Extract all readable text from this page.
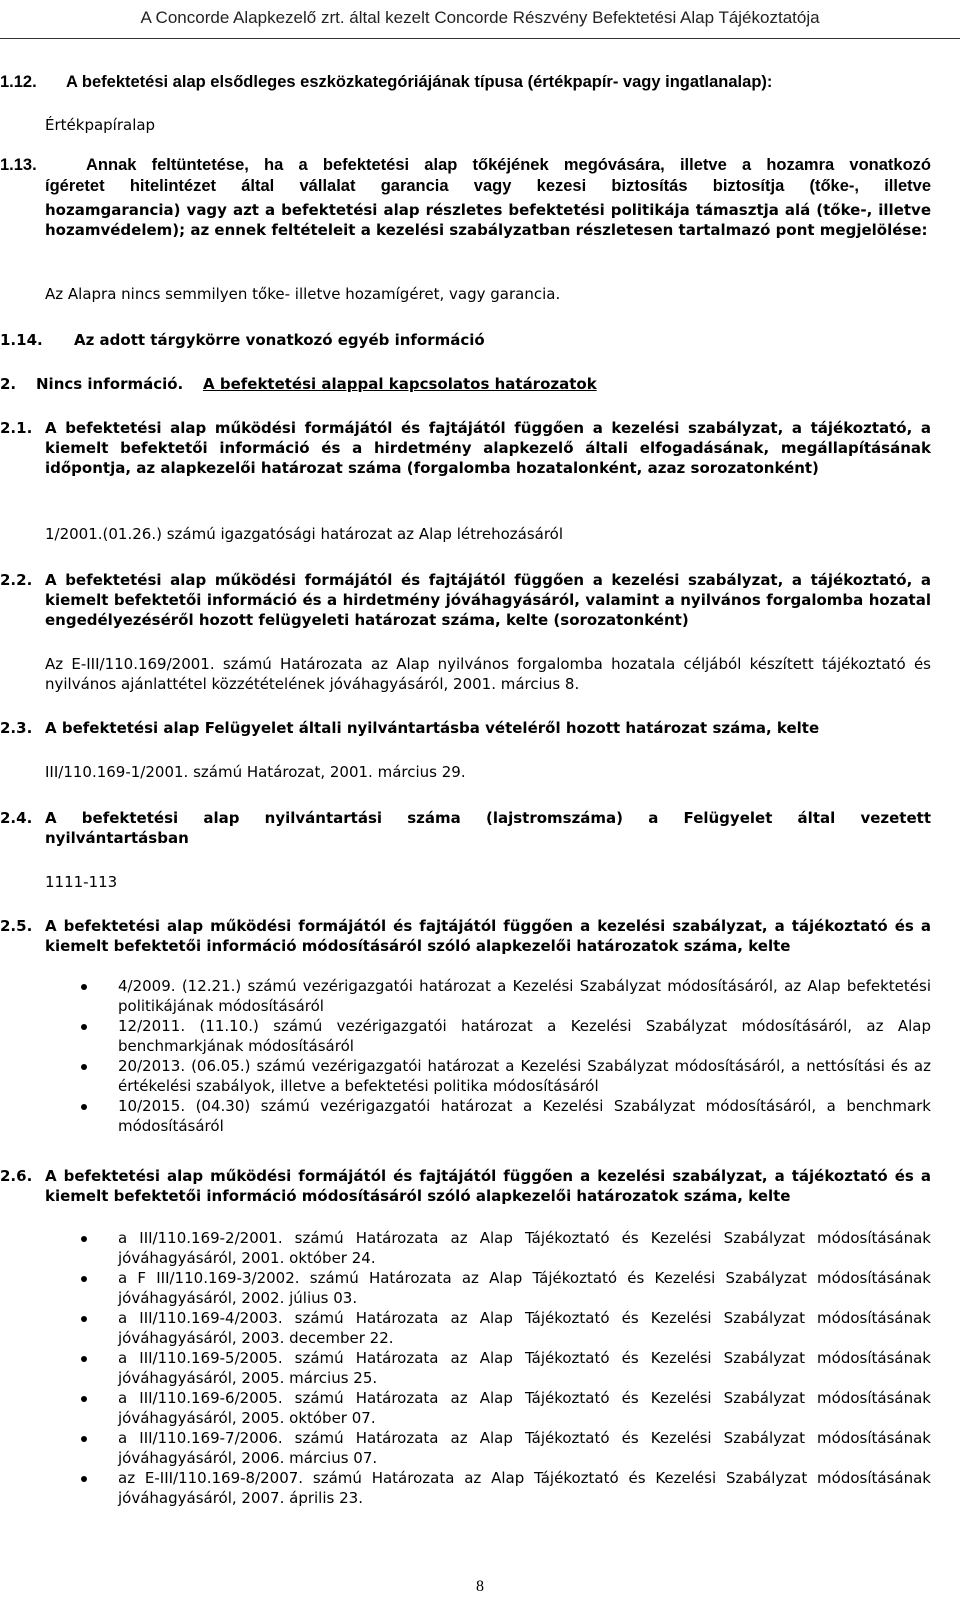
A Concorde Alapkezelő zrt. által kezelt Concorde Részvény Befektetési Alap Tájékoztatója
1.12. A befektetési alap elsődleges eszközkategóriájának típusa (értékpapír- vagy ingatlanalap):
Értékpapíralap
1.13.	Annak feltüntetése, ha a befektetési alap tőkéjének megóvására, illetve a hozamra vonatkozó
ígéretet hitelintézet által vállalat garancia vagy kezesi biztosítás biztosítja (tőke-, illetve
hozamgarancia) vagy azt a befektetési alap részletes befektetési politikája támasztja alá (tőke-, illetve hozamvédelem); az ennek feltételeit a kezelési szabályzatban részletesen tartalmazó pont megjelölése:
Az Alapra nincs semmilyen tőke- illetve hozamígéret, vagy garancia.
1.14. Az adott tárgykörre vonatkozó egyéb információ
2. Nincs információ. A befektetési alappal kapcsolatos határozatok
2.1. A befektetési alap működési formájától és fajtájától függően a kezelési szabályzat, a tájékoztató, a kiemelt befektetői információ és a hirdetmény alapkezelő általi elfogadásának, megállapításának időpontja, az alapkezelői határozat száma (forgalomba hozatalonként, azaz sorozatonként)
1/2001.(01.26.) számú igazgatósági határozat az Alap létrehozásáról
2.2. A befektetési alap működési formájától és fajtájától függően a kezelési szabályzat, a tájékoztató, a kiemelt befektetői információ és a hirdetmény jóváhagyásáról, valamint a nyilvános forgalomba hozatal engedélyezéséről hozott felügyeleti határozat száma, kelte (sorozatonként)
Az E-III/110.169/2001. számú Határozata az Alap nyilvános forgalomba hozatala céljából készített tájékoztató és nyilvános ajánlattétel közzétételének jóváhagyásáról, 2001. március 8.
2.3. A befektetési alap Felügyelet általi nyilvántartásba vételéről hozott határozat száma, kelte
III/110.169-1/2001. számú Határozat, 2001. március 29.
2.4. A befektetési alap nyilvántartási száma (lajstromszáma) a Felügyelet által vezetett
nyilvántartásban
1111-113
2.5. A befektetési alap működési formájától és fajtájától függően a kezelési szabályzat, a tájékoztató és a kiemelt befektetői információ módosításáról szóló alapkezelői határozatok száma, kelte
4/2009. (12.21.) számú vezérigazgatói határozat a Kezelési Szabályzat módosításáról, az Alap befektetési politikájának módosításáról
12/2011. (11.10.) számú vezérigazgatói határozat a Kezelési Szabályzat módosításáról, az Alap benchmarkjának módosításáról
20/2013. (06.05.) számú vezérigazgatói határozat a Kezelési Szabályzat módosításáról, a nettósítási és az értékelési szabályok, illetve a befektetési politika módosításáról
10/2015. (04.30) számú vezérigazgatói határozat a Kezelési Szabályzat módosításáról, a benchmark módosításáról
2.6. A befektetési alap működési formájától és fajtájától függően a kezelési szabályzat, a tájékoztató és a kiemelt befektetői információ módosításáról szóló alapkezelői határozatok száma, kelte
a III/110.169-2/2001. számú Határozata az Alap Tájékoztató és Kezelési Szabályzat módosításának jóváhagyásáról, 2001. október 24.
a F III/110.169-3/2002. számú Határozata az Alap Tájékoztató és Kezelési Szabályzat módosításának jóváhagyásáról, 2002. július 03.
a III/110.169-4/2003. számú Határozata az Alap Tájékoztató és Kezelési Szabályzat módosításának jóváhagyásáról, 2003. december 22.
a III/110.169-5/2005. számú Határozata az Alap Tájékoztató és Kezelési Szabályzat módosításának jóváhagyásáról, 2005. március 25.
a III/110.169-6/2005. számú Határozata az Alap Tájékoztató és Kezelési Szabályzat módosításának jóváhagyásáról, 2005. október 07.
a III/110.169-7/2006. számú Határozata az Alap Tájékoztató és Kezelési Szabályzat módosításának jóváhagyásáról, 2006. március 07.
az E-III/110.169-8/2007. számú Határozata az Alap Tájékoztató és Kezelési Szabályzat módosításának jóváhagyásáról, 2007. április 23.
8
